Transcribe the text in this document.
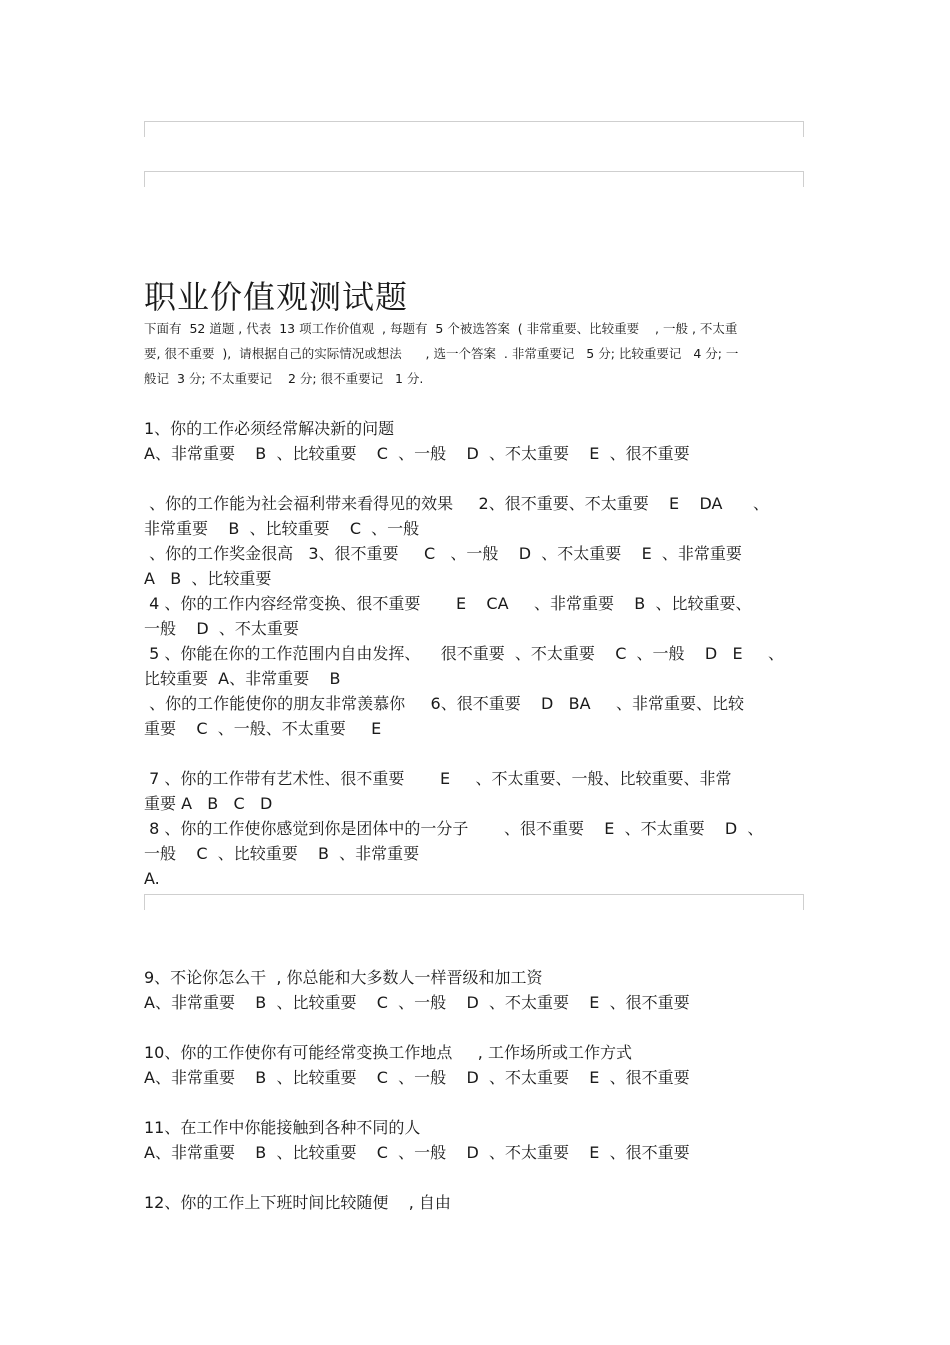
职业价值观测试题
下面有  52 道题 , 代表  13 项工作价值观  , 每题有  5 个被选答案  ( 非常重要、比较重要    , 一般 , 不太重
要, 很不重要  ),  请根据自己的实际情况或想法      , 选一个答案  . 非常重要记   5 分; 比较重要记   4 分; 一
般记  3 分; 不太重要记    2 分; 很不重要记   1 分.
1、你的工作必须经常解决新的问题
A、非常重要    B  、比较重要    C  、一般    D  、不太重要    E  、很不重要
、你的工作能为社会福利带来看得见的效果     2、很不重要、不太重要    E    DA      、
非常重要    B  、比较重要    C  、一般
、你的工作奖金很高   3、很不重要     C   、一般    D  、不太重要    E  、非常重要
A   B  、比较重要
4 、你的工作内容经常变换、很不重要       E    CA     、非常重要    B  、比较重要、
一般    D  、不太重要
5 、你能在你的工作范围内自由发挥、    很不重要  、不太重要    C  、一般    D   E     、
比较重要  A、非常重要    B
、你的工作能使你的朋友非常羡慕你     6、很不重要    D   BA     、非常重要、比较
重要    C  、一般、不太重要     E
7 、你的工作带有艺术性、很不重要       E     、不太重要、一般、比较重要、非常
重要 A   B   C   D
8 、你的工作使你感觉到你是团体中的一分子       、很不重要    E  、不太重要    D  、
一般    C  、比较重要    B  、非常重要
A.
9、不论你怎么干  , 你总能和大多数人一样晋级和加工资
A、非常重要    B  、比较重要    C  、一般    D  、不太重要    E  、很不重要
10、你的工作使你有可能经常变换工作地点     , 工作场所或工作方式
A、非常重要    B  、比较重要    C  、一般    D  、不太重要    E  、很不重要
11、在工作中你能接触到各种不同的人
A、非常重要    B  、比较重要    C  、一般    D  、不太重要    E  、很不重要
12、你的工作上下班时间比较随便    , 自由
